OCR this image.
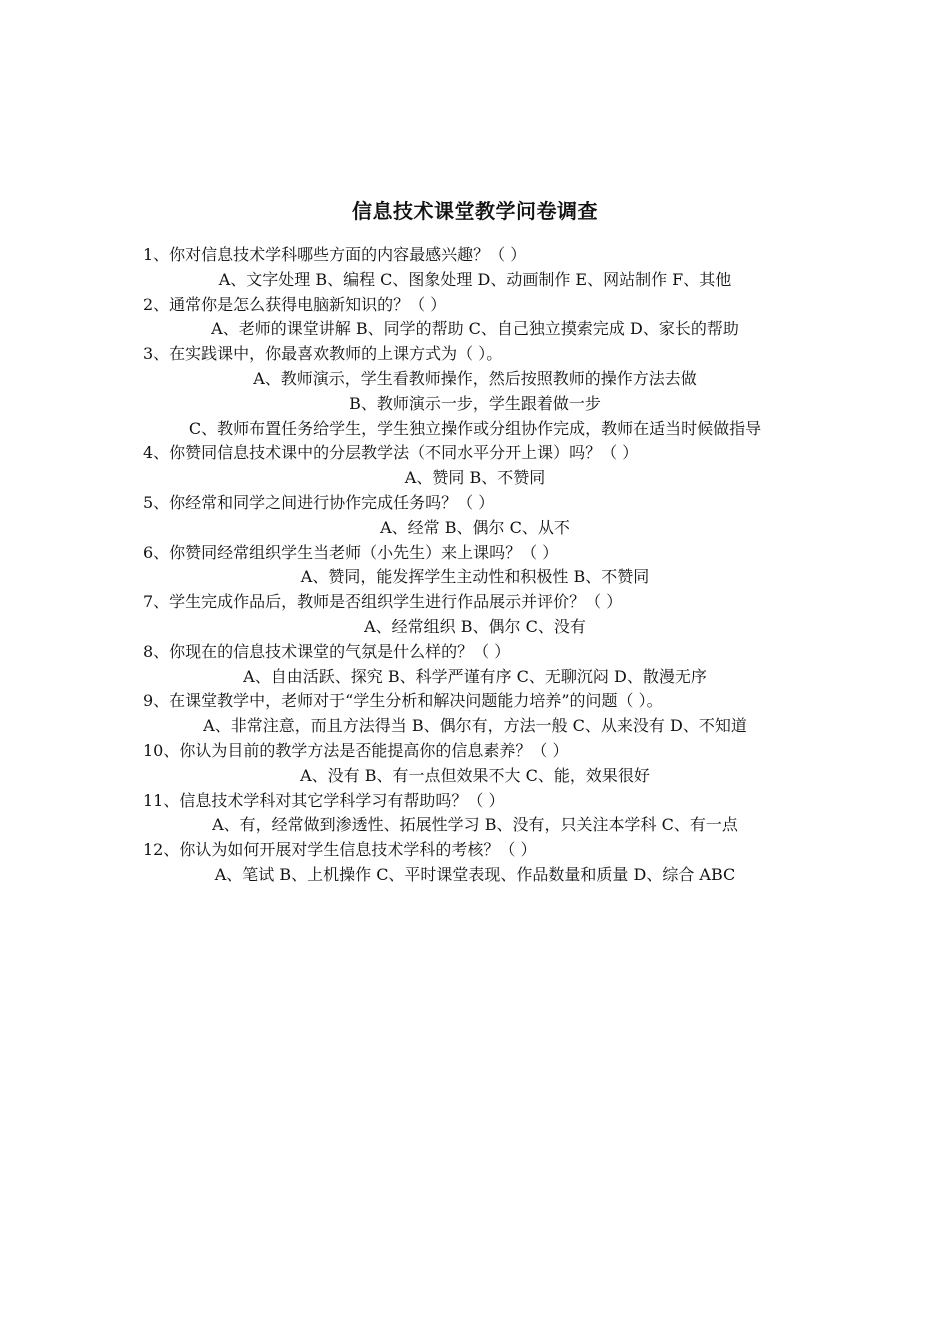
信息技术课堂教学问卷调查

1、你对信息技术学科哪些方面的内容最感兴趣？（ ）

A、文字处理 B、编程 C、图象处理 D、动画制作 E、网站制作 F、其他

2、通常你是怎么获得电脑新知识的？（ ）

A、老师的课堂讲解 B、同学的帮助 C、自己独立摸索完成 D、家长的帮助

3、在实践课中，你最喜欢教师的上课方式为（ ）。

A、教师演示，学生看教师操作，然后按照教师的操作方法去做

B、教师演示一步，学生跟着做一步

C、教师布置任务给学生，学生独立操作或分组协作完成，教师在适当时候做指导

4、你赞同信息技术课中的分层教学法（不同水平分开上课）吗？（ ）

A、赞同 B、不赞同

5、你经常和同学之间进行协作完成任务吗？（ ）

A、经常 B、偶尔 C、从不

6、你赞同经常组织学生当老师（小先生）来上课吗？（ ）

A、赞同，能发挥学生主动性和积极性 B、不赞同

7、学生完成作品后，教师是否组织学生进行作品展示并评价？（ ）

A、经常组织 B、偶尔 C、没有

8、你现在的信息技术课堂的气氛是什么样的？（ ）

A、自由活跃、探究 B、科学严谨有序 C、无聊沉闷 D、散漫无序

9、在课堂教学中，老师对于“学生分析和解决问题能力培养”的问题（ ）。

A、非常注意，而且方法得当 B、偶尔有，方法一般 C、从来没有 D、不知道

10、你认为目前的教学方法是否能提高你的信息素养？（ ）

A、没有 B、有一点但效果不大 C、能，效果很好

11、信息技术学科对其它学科学习有帮助吗？（ ）

A、有，经常做到渗透性、拓展性学习 B、没有，只关注本学科 C、有一点

12、你认为如何开展对学生信息技术学科的考核？（ ）

A、笔试 B、上机操作 C、平时课堂表现、作品数量和质量 D、综合 ABC
